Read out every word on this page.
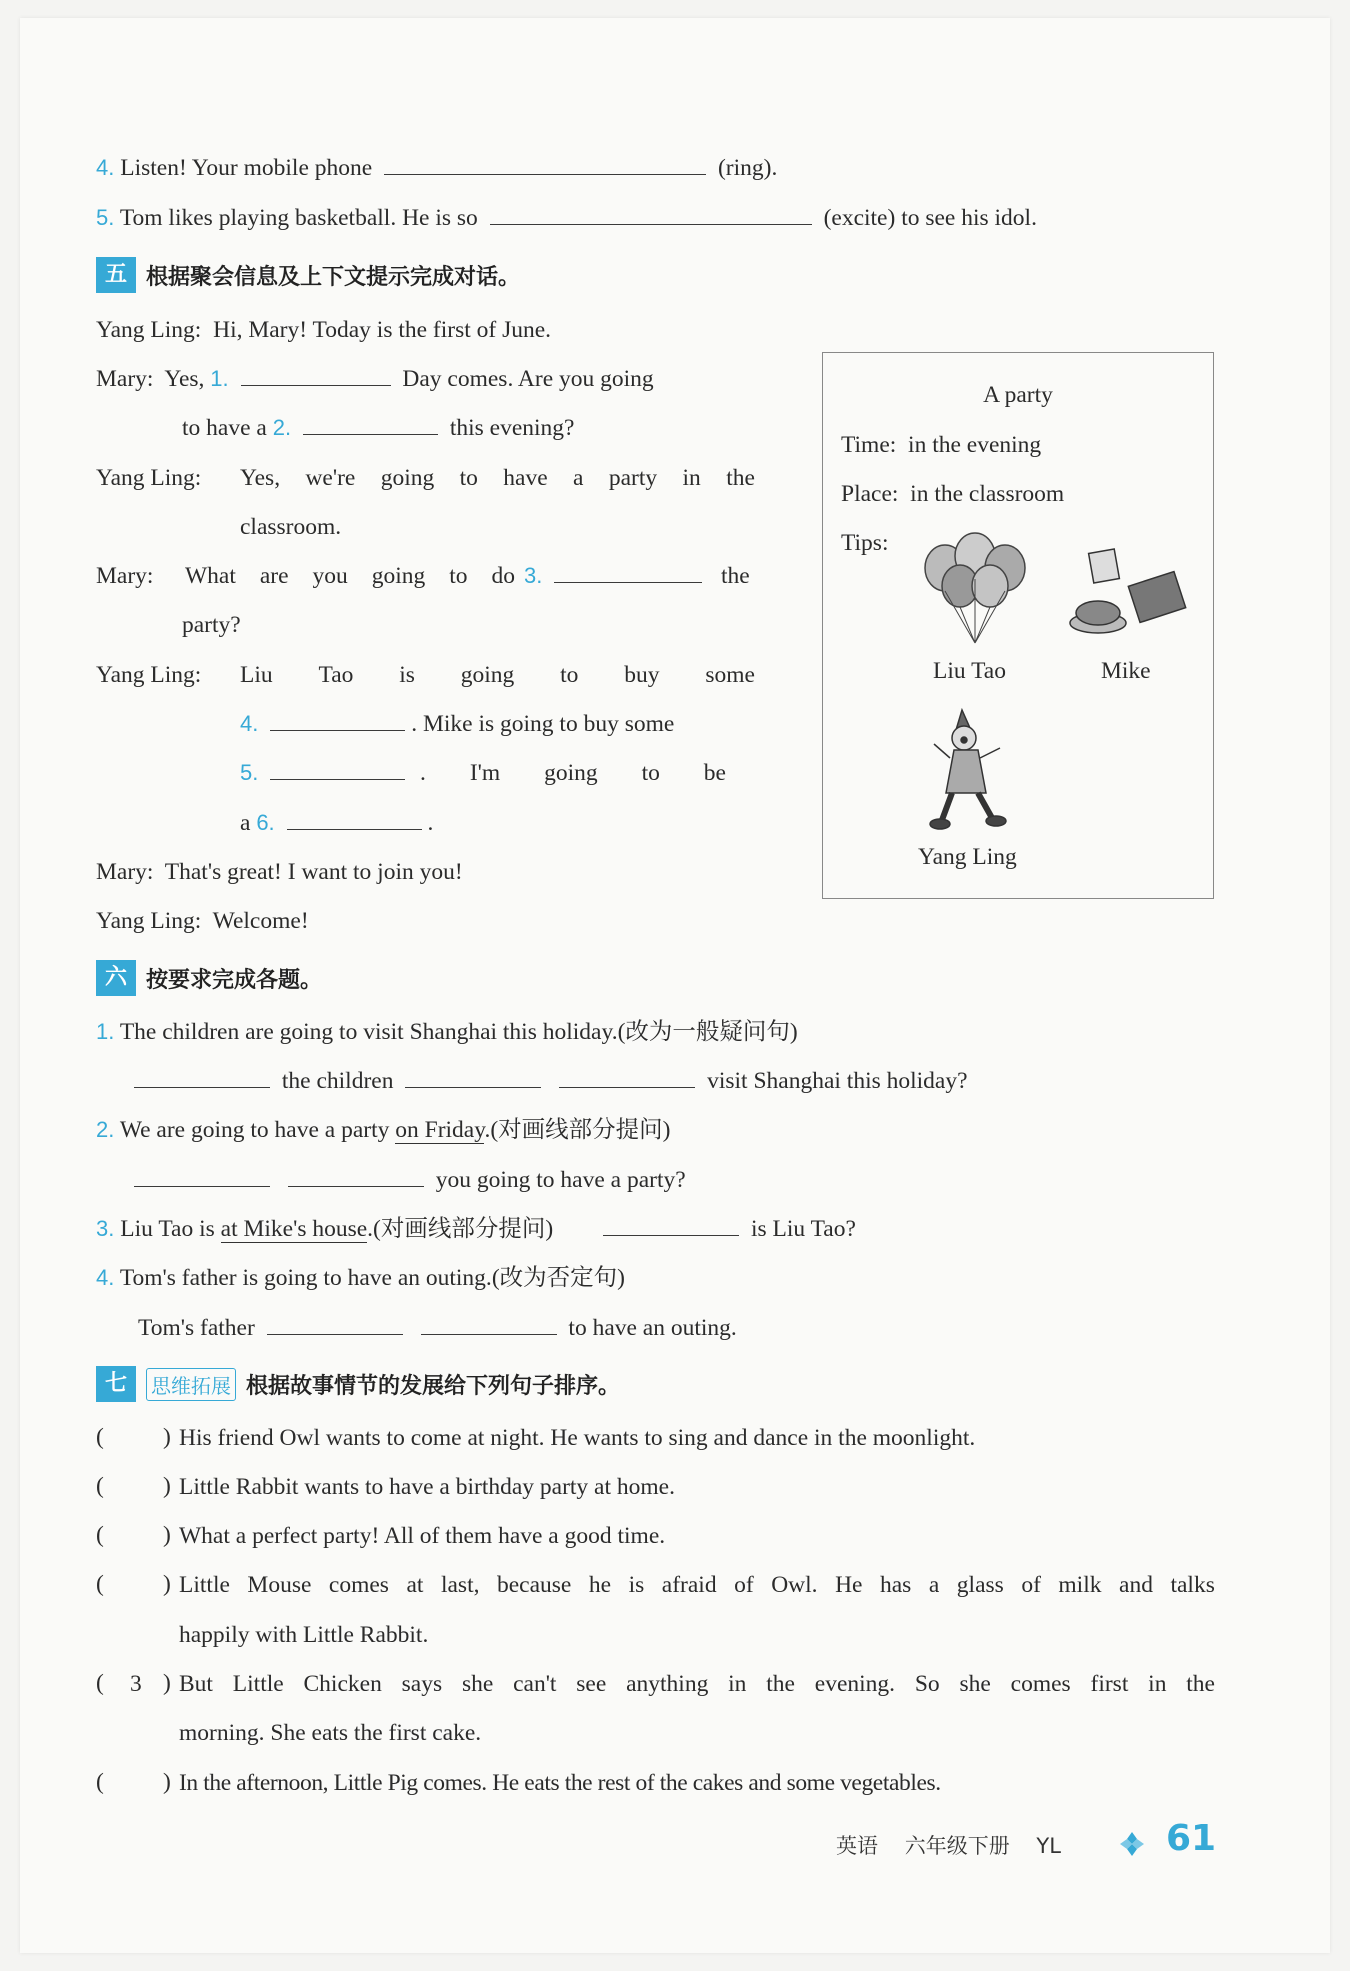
4. Listen! Your mobile phone	(ring).
5. Tom likes playing basketball. He is so	(excite) to see his idol.
五 根据聚会信息及上下文提示完成对话。
Yang Ling: Hi, Mary! Today is the first of June.
Mary: Yes, 1.	Day comes. Are you going
to have a 2.	this evening?
Yang Ling: Yes, we're going to have a party in the
classroom.
Mary: What are you going to do 3.	the
party?
Yang Ling: Liu Tao is going to buy some
4.	. Mike is going to buy some
5.	. I'm going to be
a 6.	.
Mary: That's great! I want to join you!
Yang Ling: Welcome!
A party
Time: in the evening
Place: in the classroom
Tips:
Liu Tao	Mike
Yang Ling
六 按要求完成各题。
1. The children are going to visit Shanghai this holiday.(改为一般疑问句)
the children	visit Shanghai this holiday?
2. We are going to have a party on Friday.(对画线部分提问)
you going to have a party?
3. Liu Tao is at Mike's house.(对画线部分提问)	is Liu Tao?
4. Tom's father is going to have an outing.(改为否定句)
Tom's father	to have an outing.
七	思维拓展 根据故事情节的发展给下列句子排序。
(	) His friend Owl wants to come at night. He wants to sing and dance in the moonlight.
(	) Little Rabbit wants to have a birthday party at home.
(	) What a perfect party! All of them have a good time.
(	) Little Mouse comes at last, because he is afraid of Owl. He has a glass of milk and talks
happily with Little Rabbit.
( 3 ) But Little Chicken says she can't see anything in the evening. So she comes first in the
morning. She eats the first cake.
(	) In the afternoon, Little Pig comes. He eats the rest of the cakes and some vegetables.
英语 六年级下册 YL	61
